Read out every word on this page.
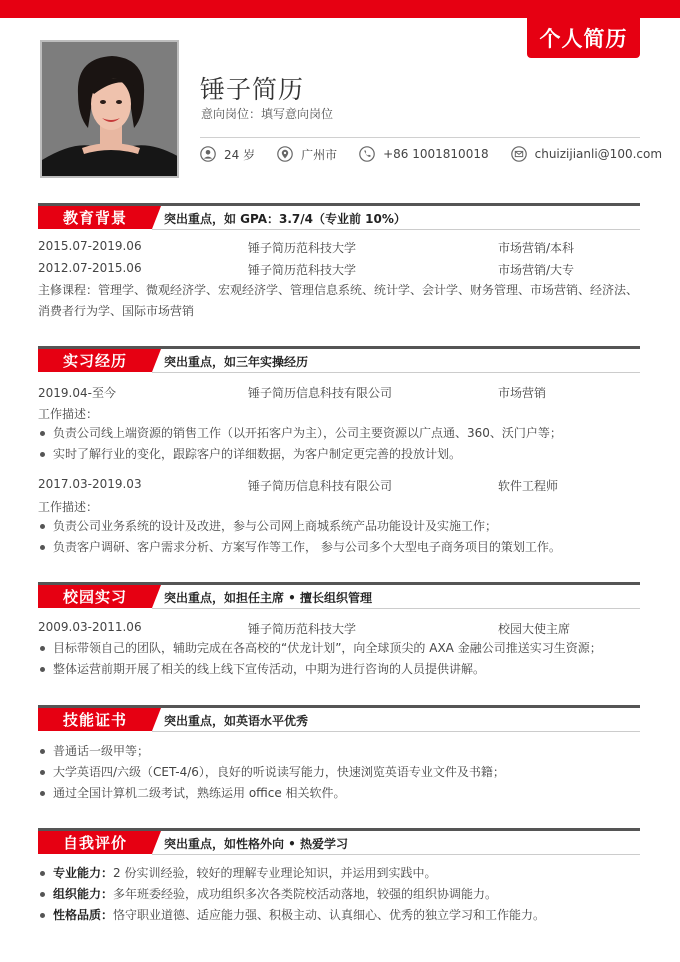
个人简历
锤子简历
意向岗位：填写意向岗位
24 岁	广州市	+86 1001810018	chuizijianli@100.com
教育背景	突出重点，如 GPA：3.7/4（专业前 10%）
2015.07-2019.06	锤子简历范科技大学	市场营销/本科
2012.07-2015.06	锤子简历范科技大学	市场营销/大专
主修课程：管理学、微观经济学、宏观经济学、管理信息系统、统计学、会计学、财务管理、市场营销、经济法、消费者行为学、国际市场营销
实习经历	突出重点，如三年实操经历
2019.04-至今	锤子简历信息科技有限公司	市场营销
工作描述：
负责公司线上端资源的销售工作（以开拓客户为主），公司主要资源以广点通、360、沃门户等；
实时了解行业的变化，跟踪客户的详细数据，为客户制定更完善的投放计划。
2017.03-2019.03	锤子简历信息科技有限公司	软件工程师
工作描述：
负责公司业务系统的设计及改进，参与公司网上商城系统产品功能设计及实施工作；
负责客户调研、客户需求分析、方案写作等工作， 参与公司多个大型电子商务项目的策划工作。
校园实习	突出重点，如担任主席 • 擅长组织管理
2009.03-2011.06	锤子简历范科技大学	校园大使主席
目标带领自己的团队，辅助完成在各高校的“伏龙计划”，向全球顶尖的 AXA 金融公司推送实习生资源；
整体运营前期开展了相关的线上线下宣传活动，中期为进行咨询的人员提供讲解。
技能证书	突出重点，如英语水平优秀
普通话一级甲等；
大学英语四/六级（CET-4/6），良好的听说读写能力，快速浏览英语专业文件及书籍；
通过全国计算机二级考试，熟练运用 office 相关软件。
自我评价	突出重点，如性格外向 • 热爱学习
专业能力：2 份实训经验，较好的理解专业理论知识，并运用到实践中。
组织能力：多年班委经验，成功组织多次各类院校活动落地，较强的组织协调能力。
性格品质：恪守职业道德、适应能力强、积极主动、认真细心、优秀的独立学习和工作能力。
